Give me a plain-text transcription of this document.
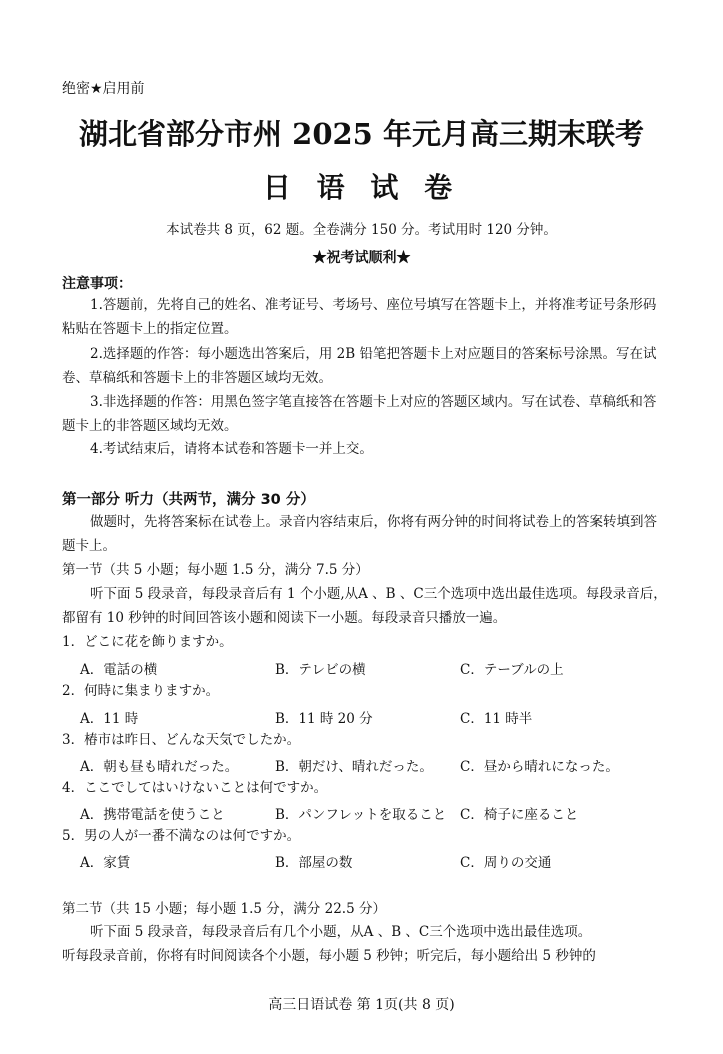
绝密★启用前
湖北省部分市州 2025 年元月高三期末联考
日 语 试 卷
本试卷共 8 页，62 题。全卷满分 150 分。考试用时 120 分钟。
★祝考试顺利★
注意事项：
1.答题前，先将自己的姓名、准考证号、考场号、座位号填写在答题卡上，并将准考证号条形码粘贴在答题卡上的指定位置。
2.选择题的作答：每小题选出答案后，用 2B 铅笔把答题卡上对应题目的答案标号涂黑。写在试卷、草稿纸和答题卡上的非答题区域均无效。
3.非选择题的作答：用黑色签字笔直接答在答题卡上对应的答题区域内。写在试卷、草稿纸和答题卡上的非答题区域均无效。
4.考试结束后，请将本试卷和答题卡一并上交。
第一部分 听力（共两节，满分 30 分）
做题时，先将答案标在试卷上。录音内容结束后，你将有两分钟的时间将试卷上的答案转填到答题卡上。
第一节（共 5 小题；每小题 1.5 分，满分 7.5 分）
听下面 5 段录音，每段录音后有 1 个小题,从A 、B 、C三个选项中选出最佳选项。每段录音后，都留有 10 秒钟的时间回答该小题和阅读下一小题。每段录音只播放一遍。
1．どこに花を飾りますか。
A．電話の横	B．テレビの横	C．テーブルの上
2．何時に集まりますか。
A．11 時	B．11 時 20 分	C．11 時半
3．椿市は昨日、どんな天気でしたか。
A．朝も昼も晴れだった。	B．朝だけ、晴れだった。 C．昼から晴れになった。
4．ここでしてはいけないことは何ですか。
A．携帯電話を使うこと	B．パンフレットを取ること C．椅子に座ること
5．男の人が一番不満なのは何ですか。
A．家賃	B．部屋の数	C．周りの交通
第二节（共 15 小题；每小题 1.5 分，满分 22.5 分）
听下面 5 段录音，每段录音后有几个小题，从A 、B 、C三个选项中选出最佳选项。
听每段录音前，你将有时间阅读各个小题，每小题 5 秒钟；听完后，每小题给出 5 秒钟的
高三日语试卷 第 1页(共 8 页)
